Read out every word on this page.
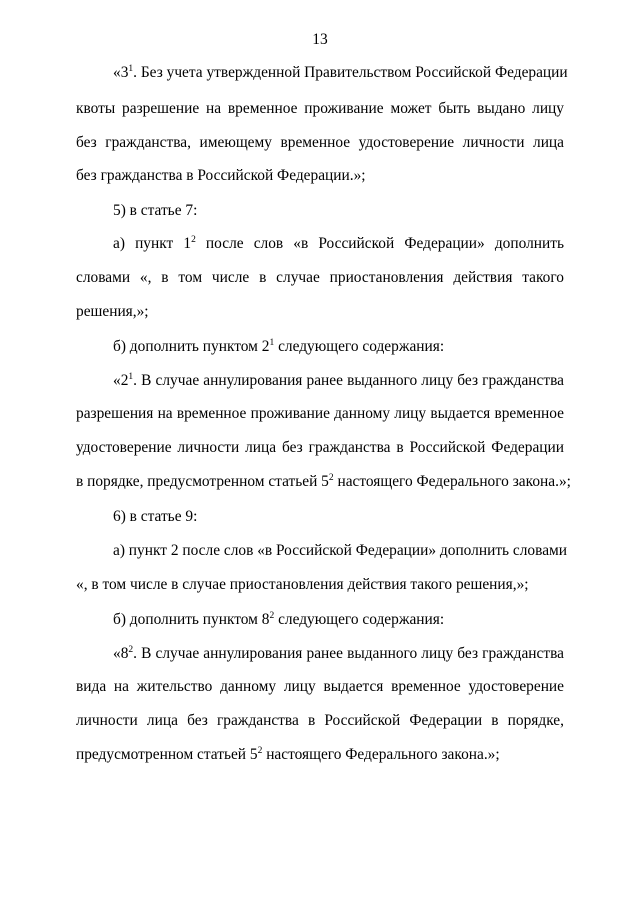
13
«$3^1$. Без учета утвержденной Правительством Российской Федерации
квоты разрешение на временное проживание может быть выдано лицу
без гражданства, имеющему временное удостоверение личности лица
без гражданства в Российской Федерации.»;
5) в статье 7:
а) пункт $1^2$ после слов «в Российской Федерации» дополнить
словами «, в том числе в случае приостановления действия такого
решения,»;
б) дополнить пунктом $2^1$ следующего содержания:
«$2^1$. В случае аннулирования ранее выданного лицу без гражданства
разрешения на временное проживание данному лицу выдается временное
удостоверение личности лица без гражданства в Российской Федерации
в порядке, предусмотренном статьей $5^2$ настоящего Федерального закона.»;
6) в статье 9:
а) пункт 2 после слов «в Российской Федерации» дополнить словами
«, в том числе в случае приостановления действия такого решения,»;
б) дополнить пунктом $8^2$ следующего содержания:
«$8^2$. В случае аннулирования ранее выданного лицу без гражданства
вида на жительство данному лицу выдается временное удостоверение
личности лица без гражданства в Российской Федерации в порядке,
предусмотренном статьей $5^2$ настоящего Федерального закона.»;
